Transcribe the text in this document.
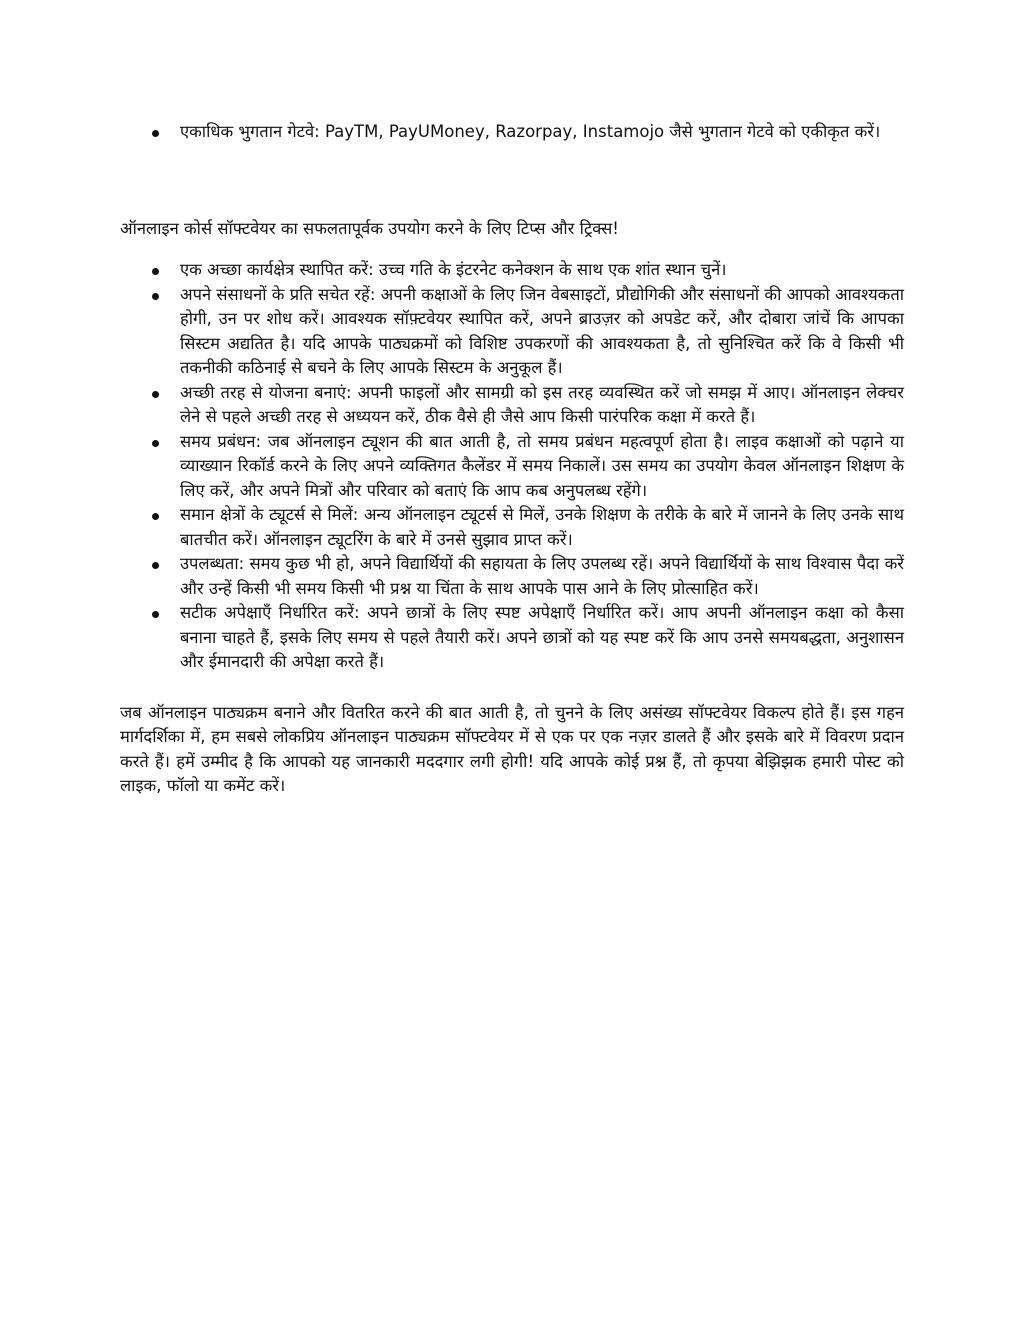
एकाधिक भुगतान गेटवे: PayTM, PayUMoney, Razorpay, Instamojo जैसे भुगतान गेटवे को एकीकृत करें।

ऑनलाइन कोर्स सॉफ्टवेयर का सफलतापूर्वक उपयोग करने के लिए टिप्स और ट्रिक्स!

एक अच्छा कार्यक्षेत्र स्थापित करें: उच्च गति के इंटरनेट कनेक्शन के साथ एक शांत स्थान चुनें।
अपने संसाधनों के प्रति सचेत रहें: अपनी कक्षाओं के लिए जिन वेबसाइटों, प्रौद्योगिकी और संसाधनों की आपको आवश्यकता होगी, उन पर शोध करें। आवश्यक सॉफ़्टवेयर स्थापित करें, अपने ब्राउज़र को अपडेट करें, और दोबारा जांचें कि आपका सिस्टम अद्यतित है। यदि आपके पाठ्यक्रमों को विशिष्ट उपकरणों की आवश्यकता है, तो सुनिश्चित करें कि वे किसी भी तकनीकी कठिनाई से बचने के लिए आपके सिस्टम के अनुकूल हैं।
अच्छी तरह से योजना बनाएं: अपनी फाइलों और सामग्री को इस तरह व्यवस्थित करें जो समझ में आए। ऑनलाइन लेक्चर लेने से पहले अच्छी तरह से अध्ययन करें, ठीक वैसे ही जैसे आप किसी पारंपरिक कक्षा में करते हैं।
समय प्रबंधन: जब ऑनलाइन ट्यूशन की बात आती है, तो समय प्रबंधन महत्वपूर्ण होता है। लाइव कक्षाओं को पढ़ाने या व्याख्यान रिकॉर्ड करने के लिए अपने व्यक्तिगत कैलेंडर में समय निकालें। उस समय का उपयोग केवल ऑनलाइन शिक्षण के लिए करें, और अपने मित्रों और परिवार को बताएं कि आप कब अनुपलब्ध रहेंगे।
समान क्षेत्रों के ट्यूटर्स से मिलें: अन्य ऑनलाइन ट्यूटर्स से मिलें, उनके शिक्षण के तरीके के बारे में जानने के लिए उनके साथ बातचीत करें। ऑनलाइन ट्यूटरिंग के बारे में उनसे सुझाव प्राप्त करें।
उपलब्धता: समय कुछ भी हो, अपने विद्यार्थियों की सहायता के लिए उपलब्ध रहें। अपने विद्यार्थियों के साथ विश्वास पैदा करें और उन्हें किसी भी समय किसी भी प्रश्न या चिंता के साथ आपके पास आने के लिए प्रोत्साहित करें।
सटीक अपेक्षाएँ निर्धारित करें: अपने छात्रों के लिए स्पष्ट अपेक्षाएँ निर्धारित करें। आप अपनी ऑनलाइन कक्षा को कैसा बनाना चाहते हैं, इसके लिए समय से पहले तैयारी करें। अपने छात्रों को यह स्पष्ट करें कि आप उनसे समयबद्धता, अनुशासन और ईमानदारी की अपेक्षा करते हैं।

जब ऑनलाइन पाठ्यक्रम बनाने और वितरित करने की बात आती है, तो चुनने के लिए असंख्य सॉफ्टवेयर विकल्प होते हैं। इस गहन मार्गदर्शिका में, हम सबसे लोकप्रिय ऑनलाइन पाठ्यक्रम सॉफ्टवेयर में से एक पर एक नज़र डालते हैं और इसके बारे में विवरण प्रदान करते हैं। हमें उम्मीद है कि आपको यह जानकारी मददगार लगी होगी! यदि आपके कोई प्रश्न हैं, तो कृपया बेझिझक हमारी पोस्ट को लाइक, फॉलो या कमेंट करें।
